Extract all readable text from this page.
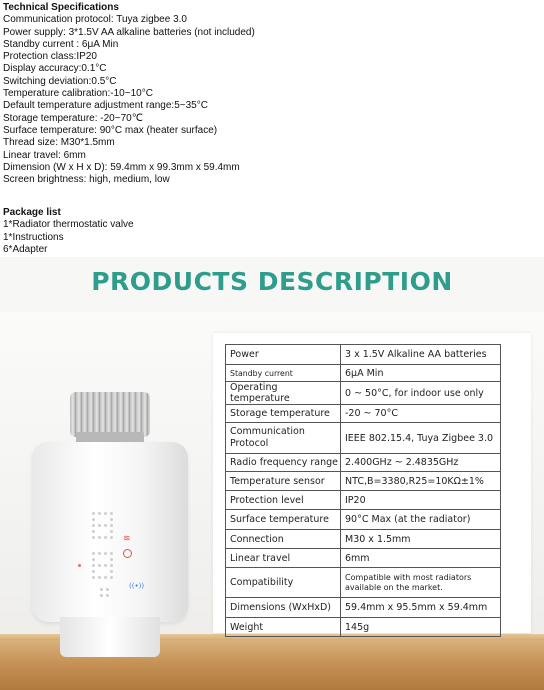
Technical Specifications
Communication protocol: Tuya zigbee 3.0
Power supply: 3*1.5V AA alkaline batteries (not included)
Standby current : 6μA Min
Protection class:IP20
Display accuracy:0.1°C
Switching deviation:0.5°C
Temperature calibration:-10~10°C
Default temperature adjustment range:5~35°C
Storage temperature: -20~70℃
Surface temperature: 90°C max (heater surface)
Thread size: M30*1.5mm
Linear travel: 6mm
Dimension (W x H x D): 59.4mm x 99.3mm x 59.4mm
Screen brightness: high, medium, low
Package list
1*Radiator thermostatic valve
1*Instructions
6*Adapter
PRODUCTS DESCRIPTION
≋
((•))
Power	3 x 1.5V Alkaline AA batteries
Standby current	6μA Min
Operating temperature	0 ~ 50°C, for indoor use only
Storage temperature	-20 ~ 70°C
Communication Protocol	IEEE 802.15.4, Tuya Zigbee 3.0
Radio frequency range	2.400GHz ~ 2.4835GHz
Temperature sensor	NTC,B=3380,R25=10KΩ±1%
Protection level	IP20
Surface temperature	90°C Max (at the radiator)
Connection	M30 x 1.5mm
Linear travel	6mm
Compatibility	Compatible with most radiators available on the market.
Dimensions (WxHxD)	59.4mm x 95.5mm x 59.4mm
Weight	145g
